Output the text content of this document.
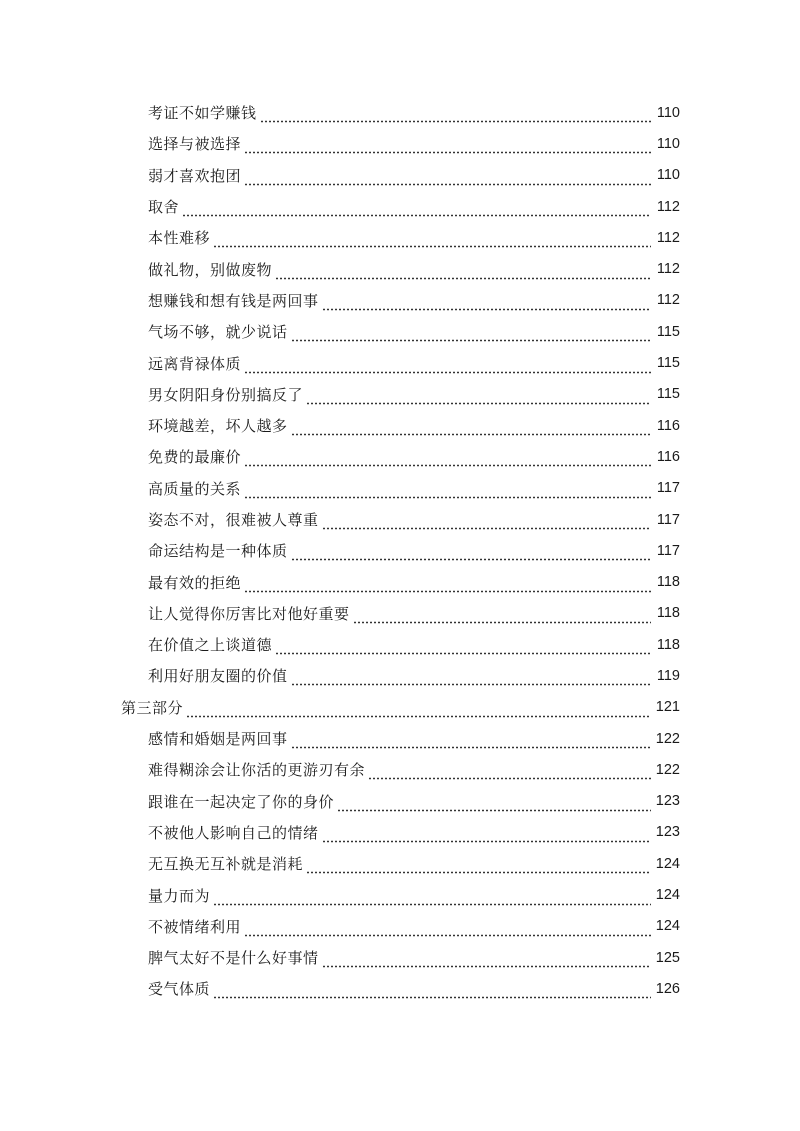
考证不如学赚钱	110
选择与被选择	110
弱才喜欢抱团	110
取舍	112
本性难移	112
做礼物，别做废物	112
想赚钱和想有钱是两回事	112
气场不够，就少说话	115
远离背禄体质	115
男女阴阳身份别搞反了	115
环境越差，坏人越多	116
免费的最廉价	116
高质量的关系	117
姿态不对，很难被人尊重	117
命运结构是一种体质	117
最有效的拒绝	118
让人觉得你厉害比对他好重要	118
在价值之上谈道德	118
利用好朋友圈的价值	119
第三部分	121
感情和婚姻是两回事	122
难得糊涂会让你活的更游刃有余	122
跟谁在一起决定了你的身价	123
不被他人影响自己的情绪	123
无互换无互补就是消耗	124
量力而为	124
不被情绪利用	124
脾气太好不是什么好事情	125
受气体质	126
